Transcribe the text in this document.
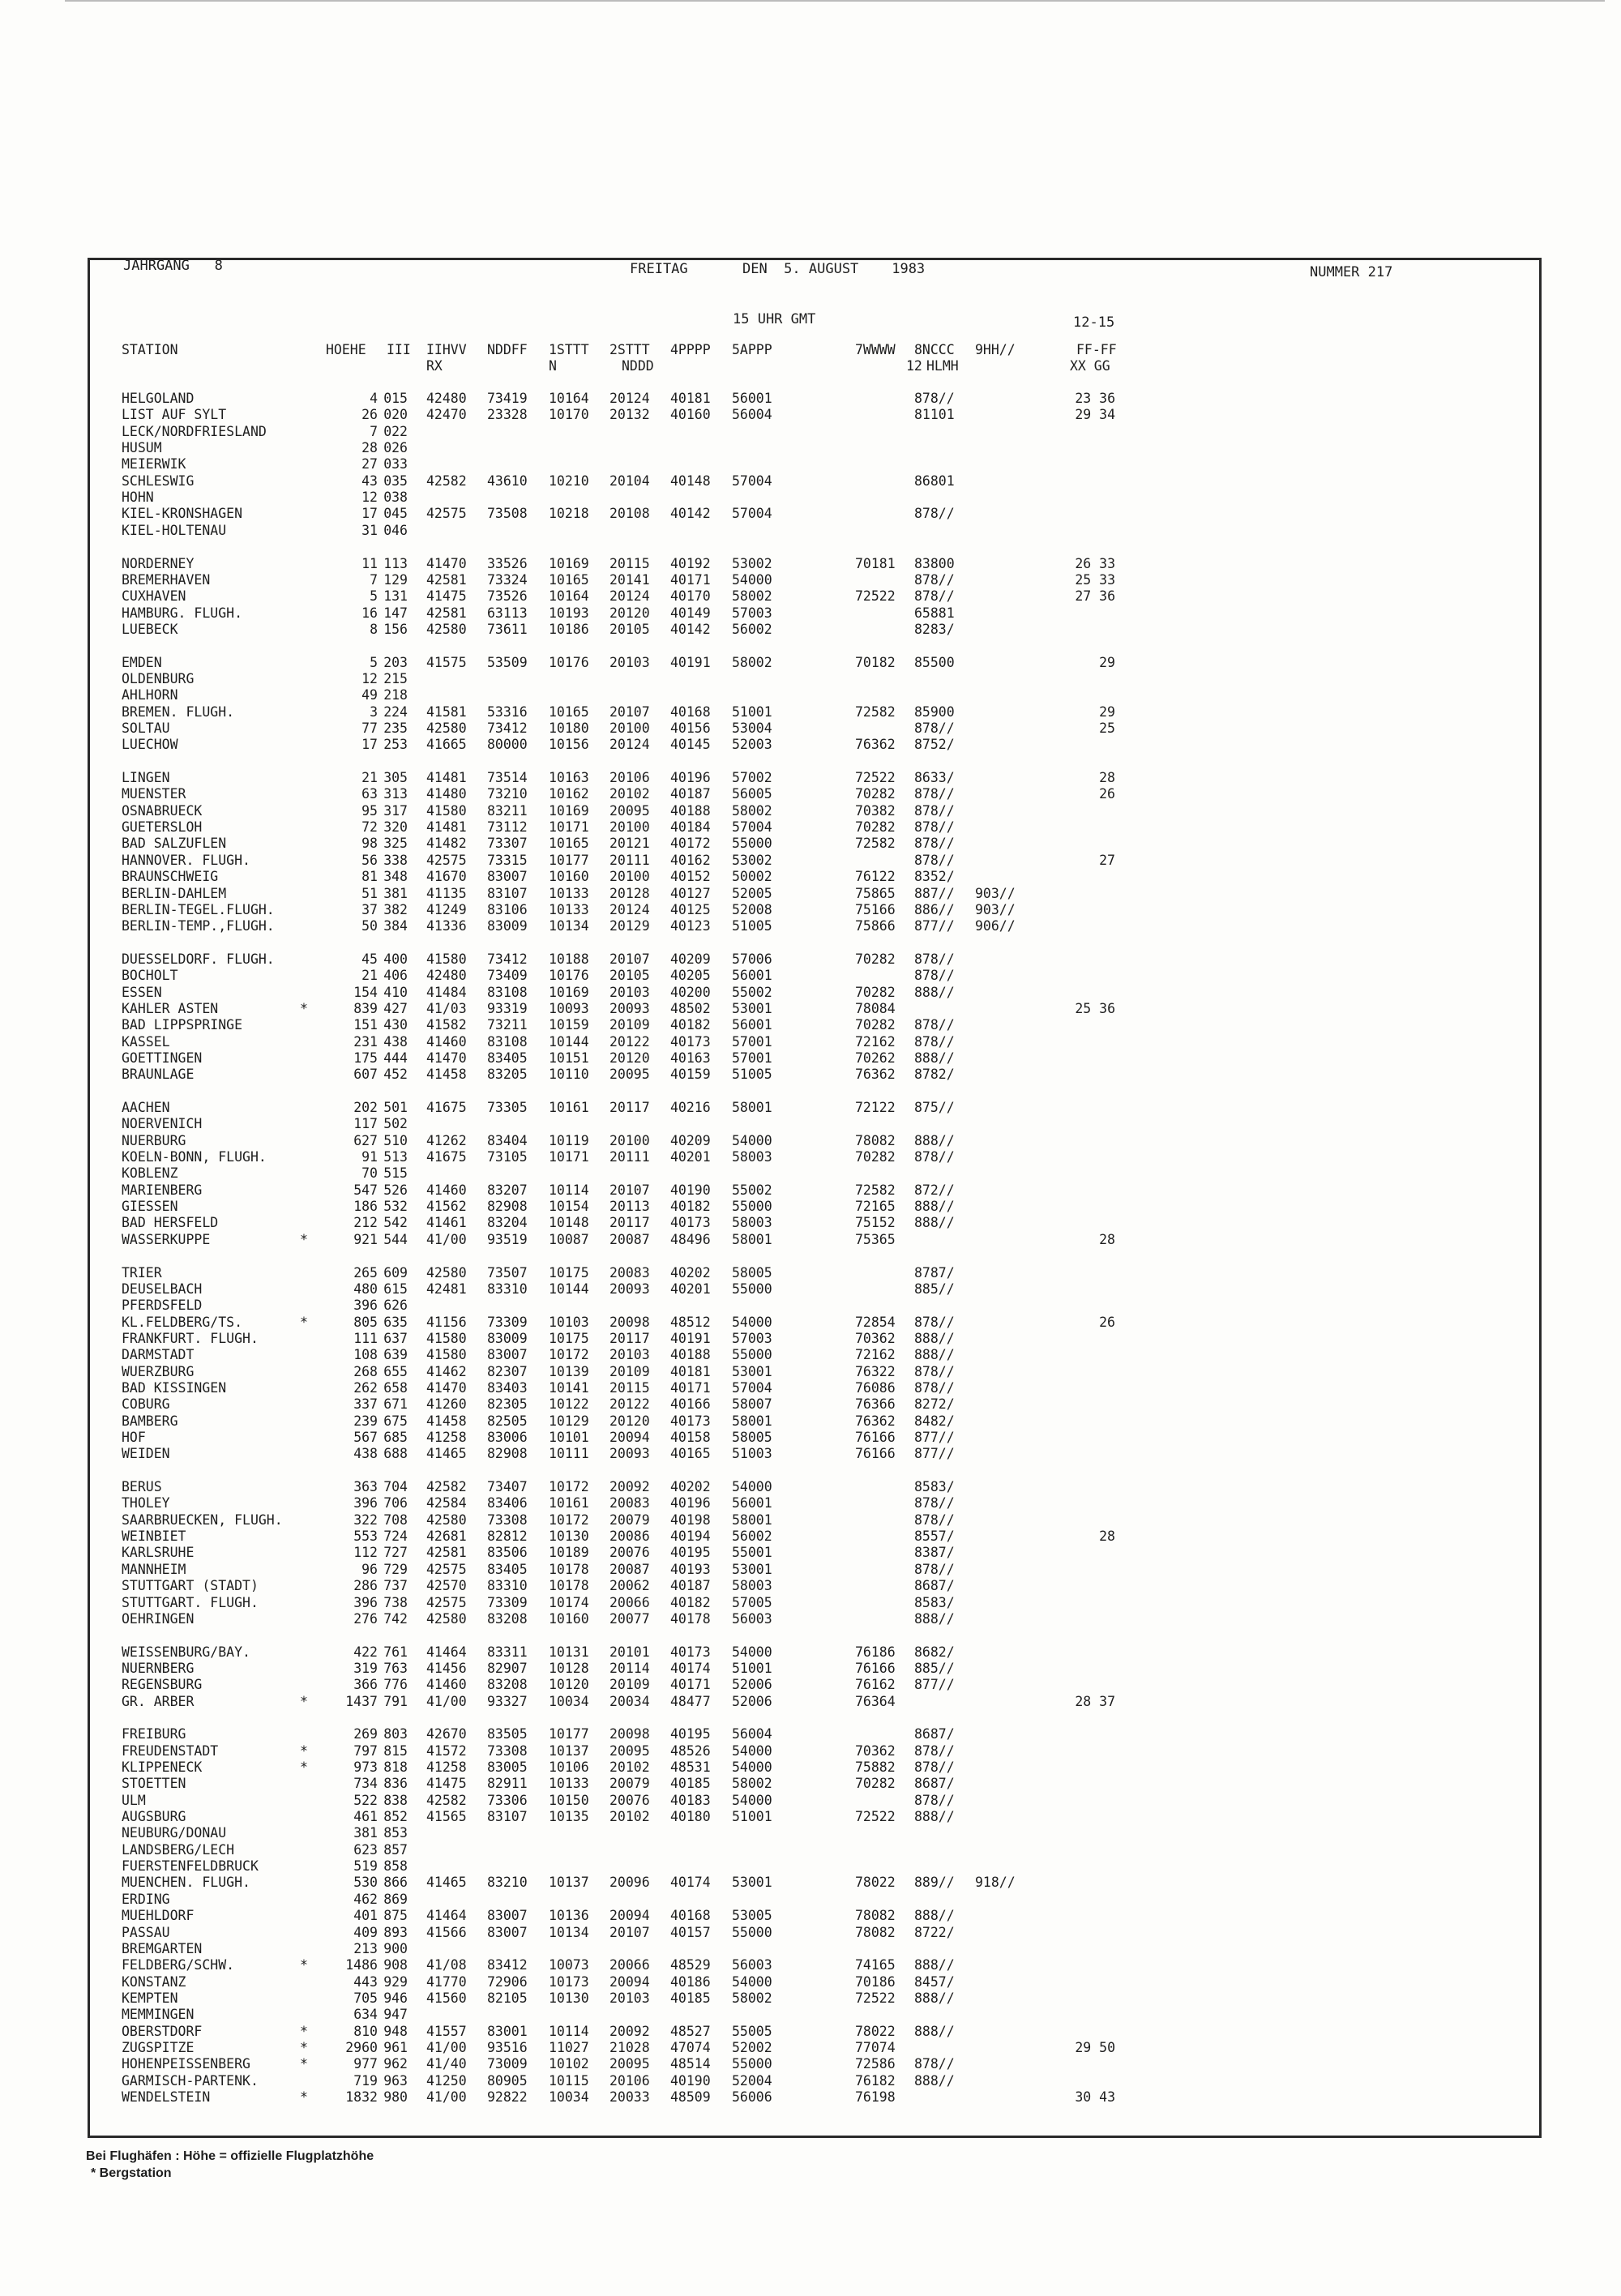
JAHRGANG   8	FREITAG	DEN  5. AUGUST    1983	NUMMER 217
15 UHR GMT	12-15
STATION	HOEHE III IIHVV NDDFF 1STTT 2STTT 4PPPP 5APPP	7WWWW 8NCCC 9HH//	FF-FF
RX	N	NDDD	12 HLMH	XX GG
HELGOLAND	4 015 42480 73419 10164 20124 40181 56001	878//	23 36
LIST AUF SYLT	26 020 42470 23328 10170 20132 40160 56004	81101	29 34
LECK/NORDFRIESLAND	7 022
HUSUM	28 026
MEIERWIK	27 033
SCHLESWIG	43 035 42582 43610 10210 20104 40148 57004	86801
HOHN	12 038
KIEL-KRONSHAGEN	17 045 42575 73508 10218 20108 40142 57004	878//
KIEL-HOLTENAU	31 046
NORDERNEY	11 113 41470 33526 10169 20115 40192 53002	70181 83800	26 33
BREMERHAVEN	7 129 42581 73324 10165 20141 40171 54000	878//	25 33
CUXHAVEN	5 131 41475 73526 10164 20124 40170 58002	72522 878//	27 36
HAMBURG. FLUGH.	16 147 42581 63113 10193 20120 40149 57003	65881
LUEBECK	8 156 42580 73611 10186 20105 40142 56002	8283/
EMDEN	5 203 41575 53509 10176 20103 40191 58002	70182 85500	29
OLDENBURG	12 215
AHLHORN	49 218
BREMEN. FLUGH.	3 224 41581 53316 10165 20107 40168 51001	72582 85900	29
SOLTAU	77 235 42580 73412 10180 20100 40156 53004	878//	25
LUECHOW	17 253 41665 80000 10156 20124 40145 52003	76362 8752/
LINGEN	21 305 41481 73514 10163 20106 40196 57002	72522 8633/	28
MUENSTER	63 313 41480 73210 10162 20102 40187 56005	70282 878//	26
OSNABRUECK	95 317 41580 83211 10169 20095 40188 58002	70382 878//
GUETERSLOH	72 320 41481 73112 10171 20100 40184 57004	70282 878//
BAD SALZUFLEN	98 325 41482 73307 10165 20121 40172 55000	72582 878//
HANNOVER. FLUGH.	56 338 42575 73315 10177 20111 40162 53002	878//	27
BRAUNSCHWEIG	81 348 41670 83007 10160 20100 40152 50002	76122 8352/
BERLIN-DAHLEM	51 381 41135 83107 10133 20128 40127 52005	75865 887// 903//
BERLIN-TEGEL.FLUGH.	37 382 41249 83106 10133 20124 40125 52008	75166 886// 903//
BERLIN-TEMP.,FLUGH.	50 384 41336 83009 10134 20129 40123 51005	75866 877// 906//
DUESSELDORF. FLUGH.	45 400 41580 73412 10188 20107 40209 57006	70282 878//
BOCHOLT	21 406 42480 73409 10176 20105 40205 56001	878//
ESSEN	154 410 41484 83108 10169 20103 40200 55002	70282 888//
KAHLER ASTEN	*	839 427 41/03 93319 10093 20093 48502 53001	78084	25 36
BAD LIPPSPRINGE	151 430 41582 73211 10159 20109 40182 56001	70282 878//
KASSEL	231 438 41460 83108 10144 20122 40173 57001	72162 878//
GOETTINGEN	175 444 41470 83405 10151 20120 40163 57001	70262 888//
BRAUNLAGE	607 452 41458 83205 10110 20095 40159 51005	76362 8782/
AACHEN	202 501 41675 73305 10161 20117 40216 58001	72122 875//
NOERVENICH	117 502
NUERBURG	627 510 41262 83404 10119 20100 40209 54000	78082 888//
KOELN-BONN, FLUGH.	91 513 41675 73105 10171 20111 40201 58003	70282 878//
KOBLENZ	70 515
MARIENBERG	547 526 41460 83207 10114 20107 40190 55002	72582 872//
GIESSEN	186 532 41562 82908 10154 20113 40182 55000	72165 888//
BAD HERSFELD	212 542 41461 83204 10148 20117 40173 58003	75152 888//
WASSERKUPPE	*	921 544 41/00 93519 10087 20087 48496 58001	75365	28
TRIER	265 609 42580 73507 10175 20083 40202 58005	8787/
DEUSELBACH	480 615 42481 83310 10144 20093 40201 55000	885//
PFERDSFELD	396 626
KL.FELDBERG/TS.	*	805 635 41156 73309 10103 20098 48512 54000	72854 878//	26
FRANKFURT. FLUGH.	111 637 41580 83009 10175 20117 40191 57003	70362 888//
DARMSTADT	108 639 41580 83007 10172 20103 40188 55000	72162 888//
WUERZBURG	268 655 41462 82307 10139 20109 40181 53001	76322 878//
BAD KISSINGEN	262 658 41470 83403 10141 20115 40171 57004	76086 878//
COBURG	337 671 41260 82305 10122 20122 40166 58007	76366 8272/
BAMBERG	239 675 41458 82505 10129 20120 40173 58001	76362 8482/
HOF	567 685 41258 83006 10101 20094 40158 58005	76166 877//
WEIDEN	438 688 41465 82908 10111 20093 40165 51003	76166 877//
BERUS	363 704 42582 73407 10172 20092 40202 54000	8583/
THOLEY	396 706 42584 83406 10161 20083 40196 56001	878//
SAARBRUECKEN, FLUGH.	322 708 42580 73308 10172 20079 40198 58001	878//
WEINBIET	553 724 42681 82812 10130 20086 40194 56002	8557/	28
KARLSRUHE	112 727 42581 83506 10189 20076 40195 55001	8387/
MANNHEIM	96 729 42575 83405 10178 20087 40193 53001	878//
STUTTGART (STADT)	286 737 42570 83310 10178 20062 40187 58003	8687/
STUTTGART. FLUGH.	396 738 42575 73309 10174 20066 40182 57005	8583/
OEHRINGEN	276 742 42580 83208 10160 20077 40178 56003	888//
WEISSENBURG/BAY.	422 761 41464 83311 10131 20101 40173 54000	76186 8682/
NUERNBERG	319 763 41456 82907 10128 20114 40174 51001	76166 885//
REGENSBURG	366 776 41460 83208 10120 20109 40171 52006	76162 877//
GR. ARBER	*	1437 791 41/00 93327 10034 20034 48477 52006	76364	28 37
FREIBURG	269 803 42670 83505 10177 20098 40195 56004	8687/
FREUDENSTADT	*	797 815 41572 73308 10137 20095 48526 54000	70362 878//
KLIPPENECK	*	973 818 41258 83005 10106 20102 48531 54000	75882 878//
STOETTEN	734 836 41475 82911 10133 20079 40185 58002	70282 8687/
ULM	522 838 42582 73306 10150 20076 40183 54000	878//
AUGSBURG	461 852 41565 83107 10135 20102 40180 51001	72522 888//
NEUBURG/DONAU	381 853
LANDSBERG/LECH	623 857
FUERSTENFELDBRUCK	519 858
MUENCHEN. FLUGH.	530 866 41465 83210 10137 20096 40174 53001	78022 889// 918//
ERDING	462 869
MUEHLDORF	401 875 41464 83007 10136 20094 40168 53005	78082 888//
PASSAU	409 893 41566 83007 10134 20107 40157 55000	78082 8722/
BREMGARTEN	213 900
FELDBERG/SCHW.	*	1486 908 41/08 83412 10073 20066 48529 56003	74165 888//
KONSTANZ	443 929 41770 72906 10173 20094 40186 54000	70186 8457/
KEMPTEN	705 946 41560 82105 10130 20103 40185 58002	72522 888//
MEMMINGEN	634 947
OBERSTDORF	*	810 948 41557 83001 10114 20092 48527 55005	78022 888//
ZUGSPITZE	*	2960 961 41/00 93516 11027 21028 47074 52002	77074	29 50
HOHENPEISSENBERG	*	977 962 41/40 73009 10102 20095 48514 55000	72586 878//
GARMISCH-PARTENK.	719 963 41250 80905 10115 20106 40190 52004	76182 888//
WENDELSTEIN	*	1832 980 41/00 92822 10034 20033 48509 56006	76198	30 43
Bei Flughäfen : Höhe = offizielle Flugplatzhöhe
* Bergstation
